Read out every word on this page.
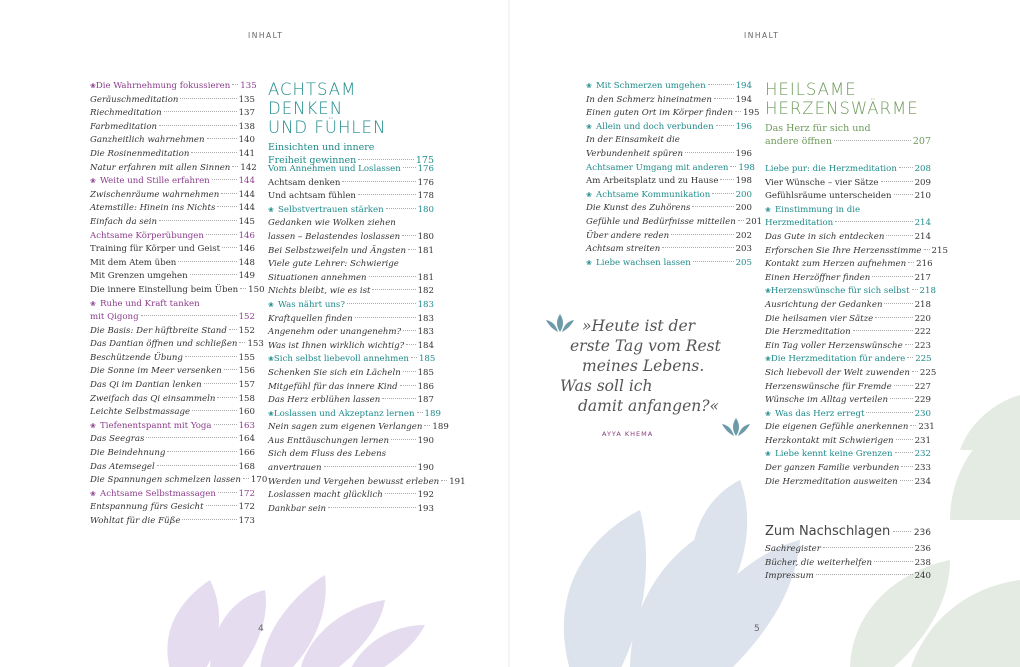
INHALT
4
❀ Die Wahrnehmung fokussieren 135
Geräuschmeditation	135
Riechmeditation	137
Farbmeditation	138
Ganzheitlich wahrnehmen	140
Die Rosinenmeditation	141
Natur erfahren mit allen Sinnen 142
❀ Weite und Stille erfahren	144
Zwischenräume wahrnehmen 144
Atemstille: Hinein ins Nichts	144
Einfach da sein	145
Achtsame Körperübungen	146
Training für Körper und Geist 146
Mit dem Atem üben	148
Mit Grenzen umgehen	149
Die innere Einstellung beim Üben 150
❀ Ruhe und Kraft tanken
mit Qigong	152
Die Basis: Der hüftbreite Stand 152
Das Dantian öffnen und schließen 153
Beschützende Übung	155
Die Sonne im Meer versenken 156
Das Qi im Dantian lenken	157
Zweifach das Qi einsammeln	158
Leichte Selbstmassage	160
❀ Tiefenentspannt mit Yoga	163
Das Seegras	164
Die Beindehnung	166
Das Atemsegel	168
Die Spannungen schmelzen lassen 170
❀ Achtsame Selbstmassagen	172
Entspannung fürs Gesicht	172
Wohltat für die Füße	173
ACHTSAM DENKEN
UND FÜHLEN
Einsichten und innere
Freiheit gewinnen	175
Vom Annehmen und Loslassen 176
Achtsam denken	176
Und achtsam fühlen	178
❀ Selbstvertrauen stärken	180
Gedanken wie Wolken ziehen
lassen – Belastendes loslassen 180
Bei Selbstzweifeln und Ängsten 181
Viele gute Lehrer: Schwierige
Situationen annehmen	181
Nichts bleibt, wie es ist	182
❀ Was nährt uns?	183
Kraftquellen finden	183
Angenehm oder unangenehm? 183
Was ist Ihnen wirklich wichtig? 184
❀ Sich selbst liebevoll annehmen 185
Schenken Sie sich ein Lächeln 185
Mitgefühl für das innere Kind 186
Das Herz erblühen lassen	187
❀ Loslassen und Akzeptanz lernen 189
Nein sagen zum eigenen Verlangen 189
Aus Enttäuschungen lernen	190
Sich dem Fluss des Lebens
anvertrauen	190
Werden und Vergehen bewusst erleben 191
Loslassen macht glücklich	192
Dankbar sein	193
INHALT
5
❀ Mit Schmerzen umgehen	194
In den Schmerz hineinatmen	194
Einen guten Ort im Körper finden 195
❀ Allein und doch verbunden	196
In der Einsamkeit die
Verbundenheit spüren	196
Achtsamer Umgang mit anderen 198
Am Arbeitsplatz und zu Hause 198
❀ Achtsame Kommunikation	200
Die Kunst des Zuhörens	200
Gefühle und Bedürfnisse mitteilen 201
Über andere reden	202
Achtsam streiten	203
❀ Liebe wachsen lassen	205
HEILSAME
HERZENSWÄRME
Das Herz für sich und
andere öffnen	207
Liebe pur: die Herzmeditation 208
Vier Wünsche – vier Sätze	209
Gefühlsräume unterscheiden	210
❀ Einstimmung in die
Herzmeditation	214
Das Gute in sich entdecken	214
Erforschen Sie Ihre Herzensstimme 215
Kontakt zum Herzen aufnehmen 216
Einen Herzöffner finden	217
❀ Herzenswünsche für sich selbst 218
Ausrichtung der Gedanken	218
Die heilsamen vier Sätze	220
Die Herzmeditation	222
Ein Tag voller Herzenswünsche 223
❀ Die Herzmeditation für andere 225
Sich liebevoll der Welt zuwenden 225
Herzenswünsche für Fremde	227
Wünsche im Alltag verteilen	229
❀ Was das Herz erregt	230
Die eigenen Gefühle anerkennen 231
Herzkontakt mit Schwierigen 231
❀ Liebe kennt keine Grenzen	232
Der ganzen Familie verbunden 233
Die Herzmeditation ausweiten 234
Zum Nachschlagen	236
Sachregister	236
Bücher, die weiterhelfen	238
Impressum	240
»Heute ist der
erste Tag vom Rest
meines Lebens.
Was soll ich
damit anfangen?«
AYYA KHEMA
